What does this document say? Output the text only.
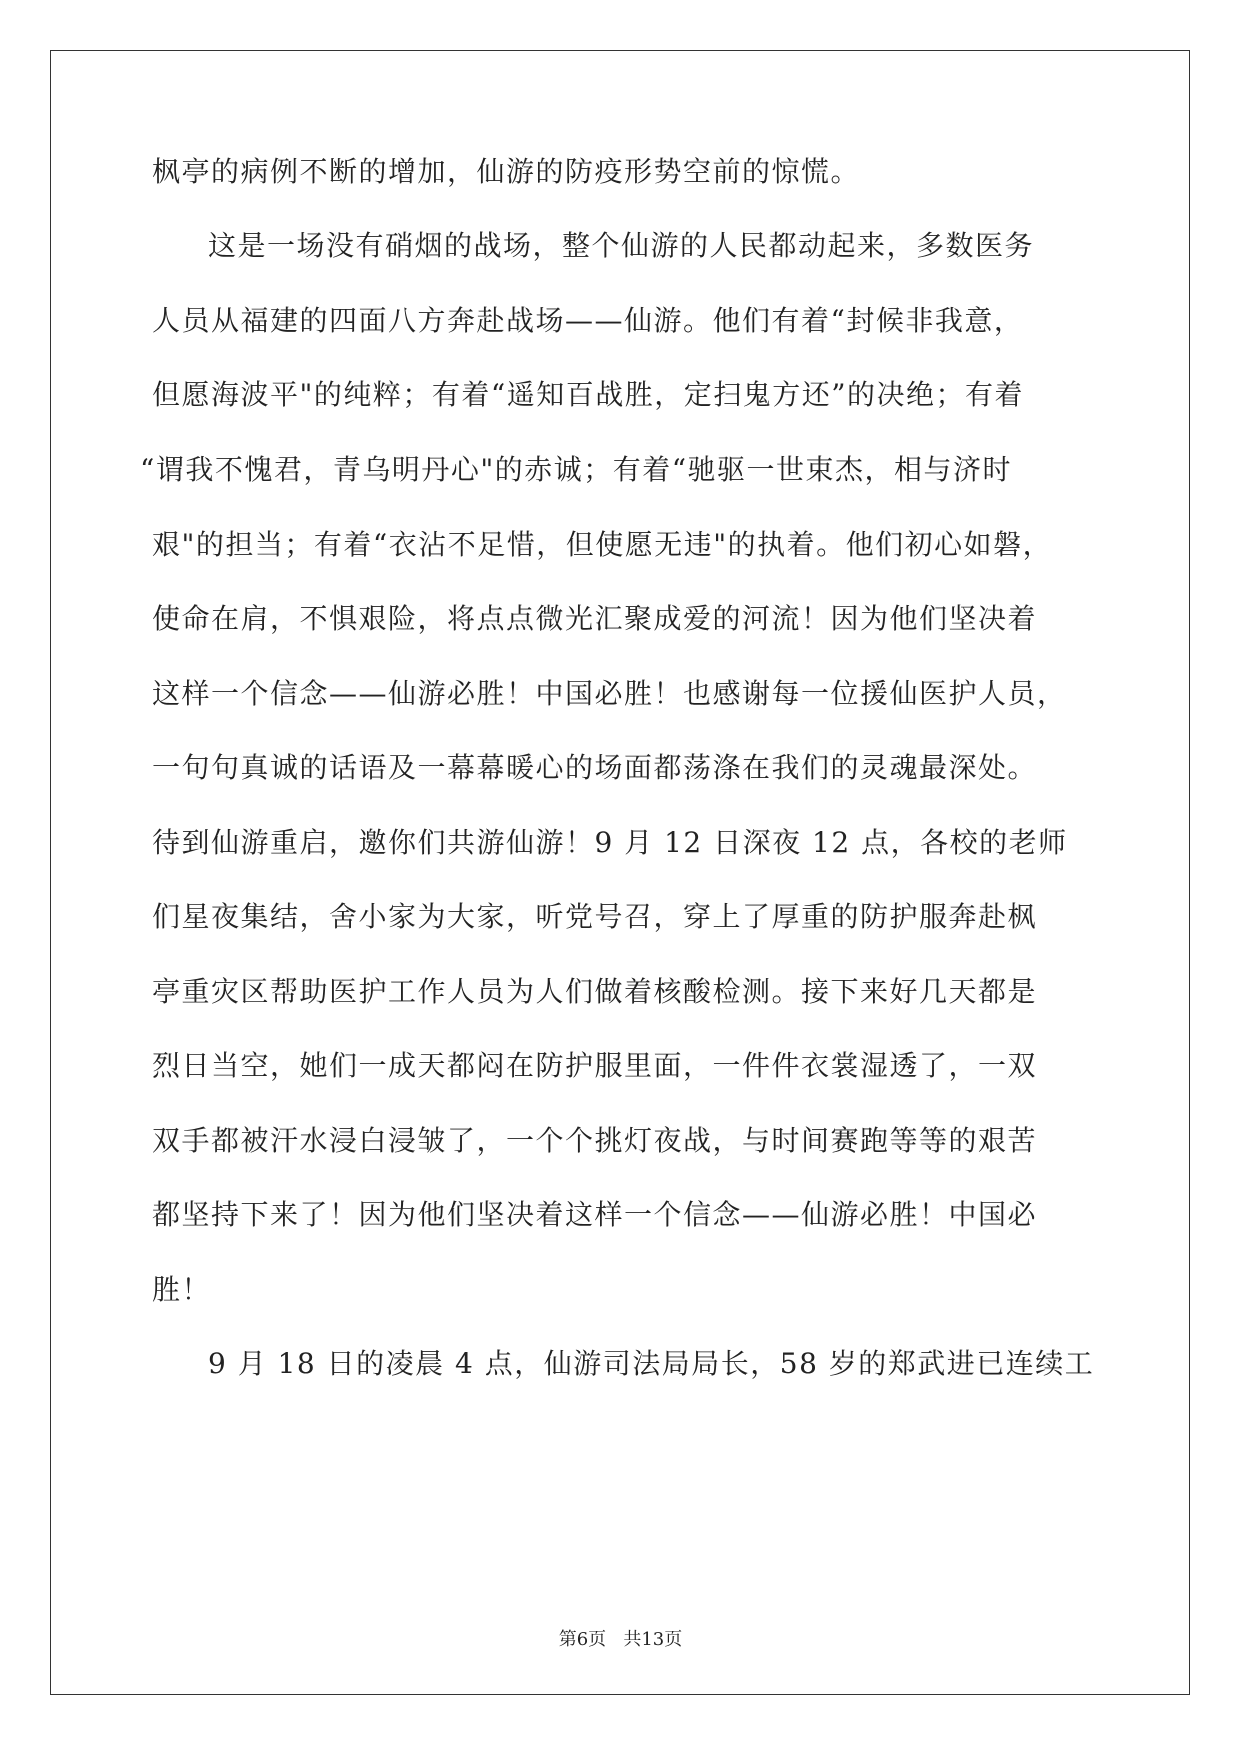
枫亭的病例不断的增加，仙游的防疫形势空前的惊慌。
这是一场没有硝烟的战场，整个仙游的人民都动起来，多数医务
人员从福建的四面八方奔赴战场——仙游。他们有着“封候非我意，
但愿海波平"的纯粹；有着“遥知百战胜，定扫鬼方还”的决绝；有着
“谓我不愧君，青乌明丹心"的赤诚；有着“驰驱一世束杰，相与济时
艰"的担当；有着“衣沾不足惜，但使愿无违"的执着。他们初心如磐，
使命在肩，不惧艰险，将点点微光汇聚成爱的河流！因为他们坚决着
这样一个信念——仙游必胜！中国必胜！也感谢每一位援仙医护人员，
一句句真诚的话语及一幕幕暖心的场面都荡涤在我们的灵魂最深处。
待到仙游重启，邀你们共游仙游！9 月 12 日深夜 12 点，各校的老师
们星夜集结，舍小家为大家，听党号召，穿上了厚重的防护服奔赴枫
亭重灾区帮助医护工作人员为人们做着核酸检测。接下来好几天都是
烈日当空，她们一成天都闷在防护服里面，一件件衣裳湿透了，一双
双手都被汗水浸白浸皱了，一个个挑灯夜战，与时间赛跑等等的艰苦
都坚持下来了！因为他们坚决着这样一个信念——仙游必胜！中国必
胜！
9 月 18 日的凌晨 4 点，仙游司法局局长，58 岁的郑武进已连续工
第6页 共13页
